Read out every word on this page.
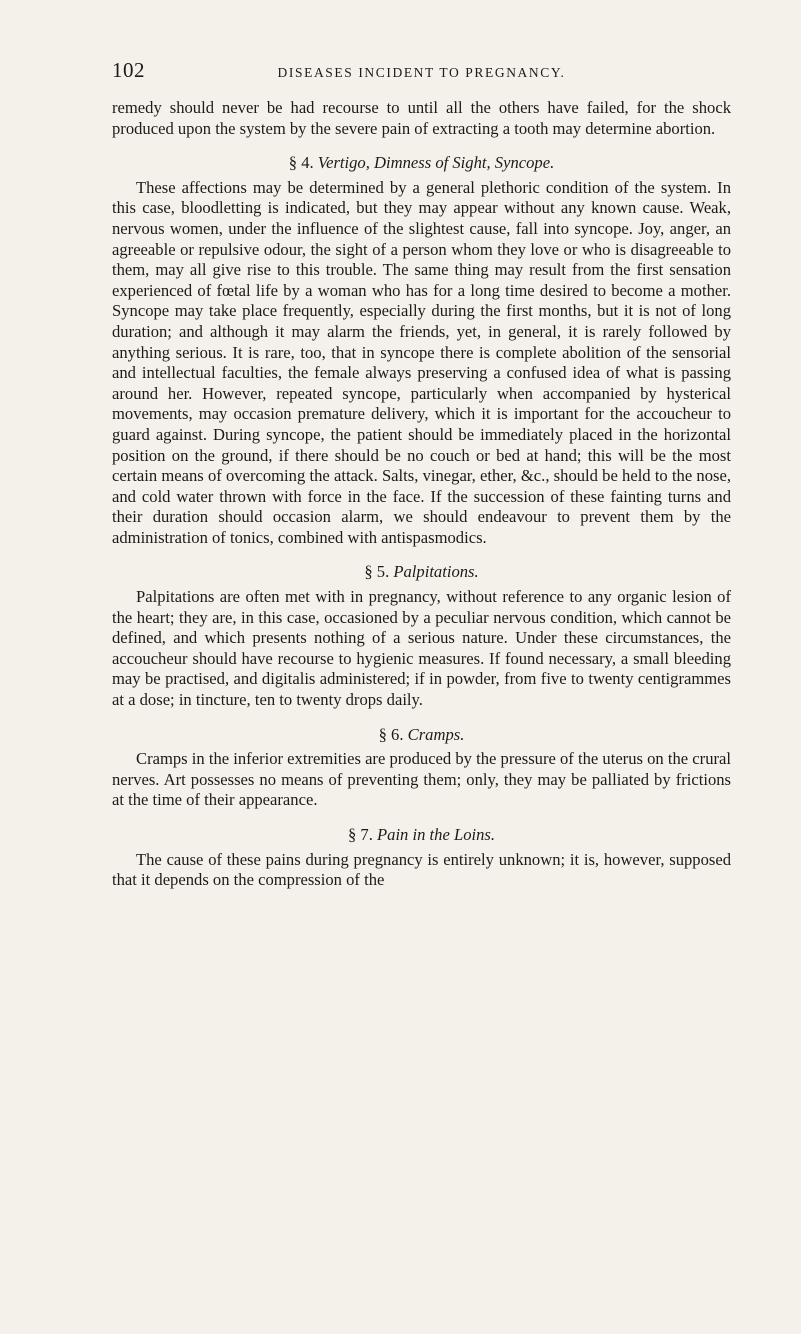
102	DISEASES INCIDENT TO PREGNANCY.

remedy should never be had recourse to until all the others have failed, for the shock produced upon the system by the severe pain of extracting a tooth may determine abortion.

§ 4. Vertigo, Dimness of Sight, Syncope.

These affections may be determined by a general plethoric condition of the system. In this case, bloodletting is indicated, but they may appear without any known cause. Weak, nervous women, under the influence of the slightest cause, fall into syncope. Joy, anger, an agreeable or repulsive odour, the sight of a person whom they love or who is disagreeable to them, may all give rise to this trouble. The same thing may result from the first sensation experienced of fœtal life by a woman who has for a long time desired to become a mother. Syncope may take place frequently, especially during the first months, but it is not of long duration; and although it may alarm the friends, yet, in general, it is rarely followed by anything serious. It is rare, too, that in syncope there is complete abolition of the sensorial and intellectual faculties, the female always preserving a confused idea of what is passing around her. However, repeated syncope, particularly when accompanied by hysterical movements, may occasion premature delivery, which it is important for the accoucheur to guard against. During syncope, the patient should be immediately placed in the horizontal position on the ground, if there should be no couch or bed at hand; this will be the most certain means of overcoming the attack. Salts, vinegar, ether, &c., should be held to the nose, and cold water thrown with force in the face. If the succession of these fainting turns and their duration should occasion alarm, we should endeavour to prevent them by the administration of tonics, combined with antispasmodics.

§ 5. Palpitations.

Palpitations are often met with in pregnancy, without reference to any organic lesion of the heart; they are, in this case, occasioned by a peculiar nervous condition, which cannot be defined, and which presents nothing of a serious nature. Under these circumstances, the accoucheur should have recourse to hygienic measures. If found necessary, a small bleeding may be practised, and digitalis administered; if in powder, from five to twenty centigrammes at a dose; in tincture, ten to twenty drops daily.

§ 6. Cramps.

Cramps in the inferior extremities are produced by the pressure of the uterus on the crural nerves. Art possesses no means of preventing them; only, they may be palliated by frictions at the time of their appearance.

§ 7. Pain in the Loins.

The cause of these pains during pregnancy is entirely unknown; it is, however, supposed that it depends on the compression of the
